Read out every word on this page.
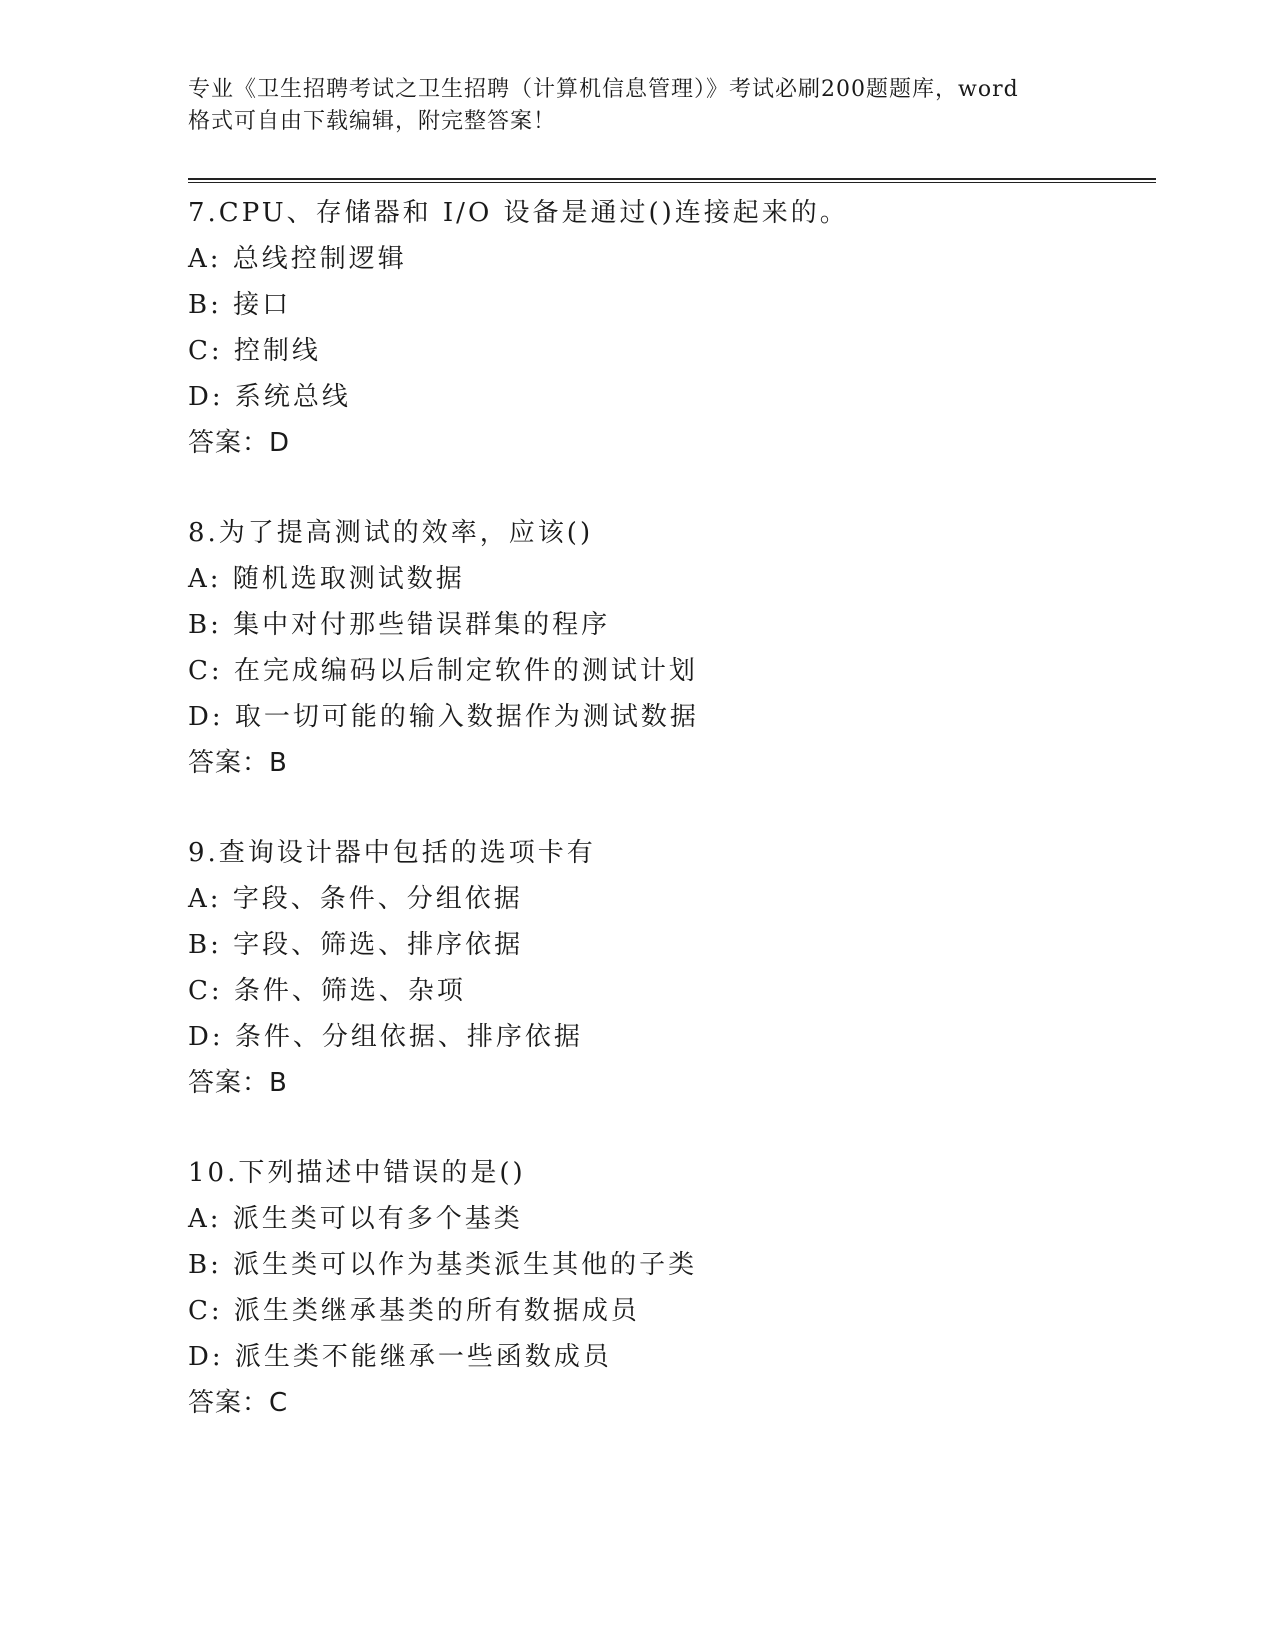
专业《卫生招聘考试之卫生招聘（计算机信息管理）》考试必刷200题题库，word
格式可自由下载编辑，附完整答案！
7.CPU、存储器和 I/O 设备是通过()连接起来的。
A: 总线控制逻辑
B: 接口
C: 控制线
D: 系统总线
答案：D
8.为了提高测试的效率，应该()
A: 随机选取测试数据
B: 集中对付那些错误群集的程序
C: 在完成编码以后制定软件的测试计划
D: 取一切可能的输入数据作为测试数据
答案：B
9.查询设计器中包括的选项卡有
A: 字段、条件、分组依据
B: 字段、筛选、排序依据
C: 条件、筛选、杂项
D: 条件、分组依据、排序依据
答案：B
10.下列描述中错误的是()
A: 派生类可以有多个基类
B: 派生类可以作为基类派生其他的子类
C: 派生类继承基类的所有数据成员
D: 派生类不能继承一些函数成员
答案：C
